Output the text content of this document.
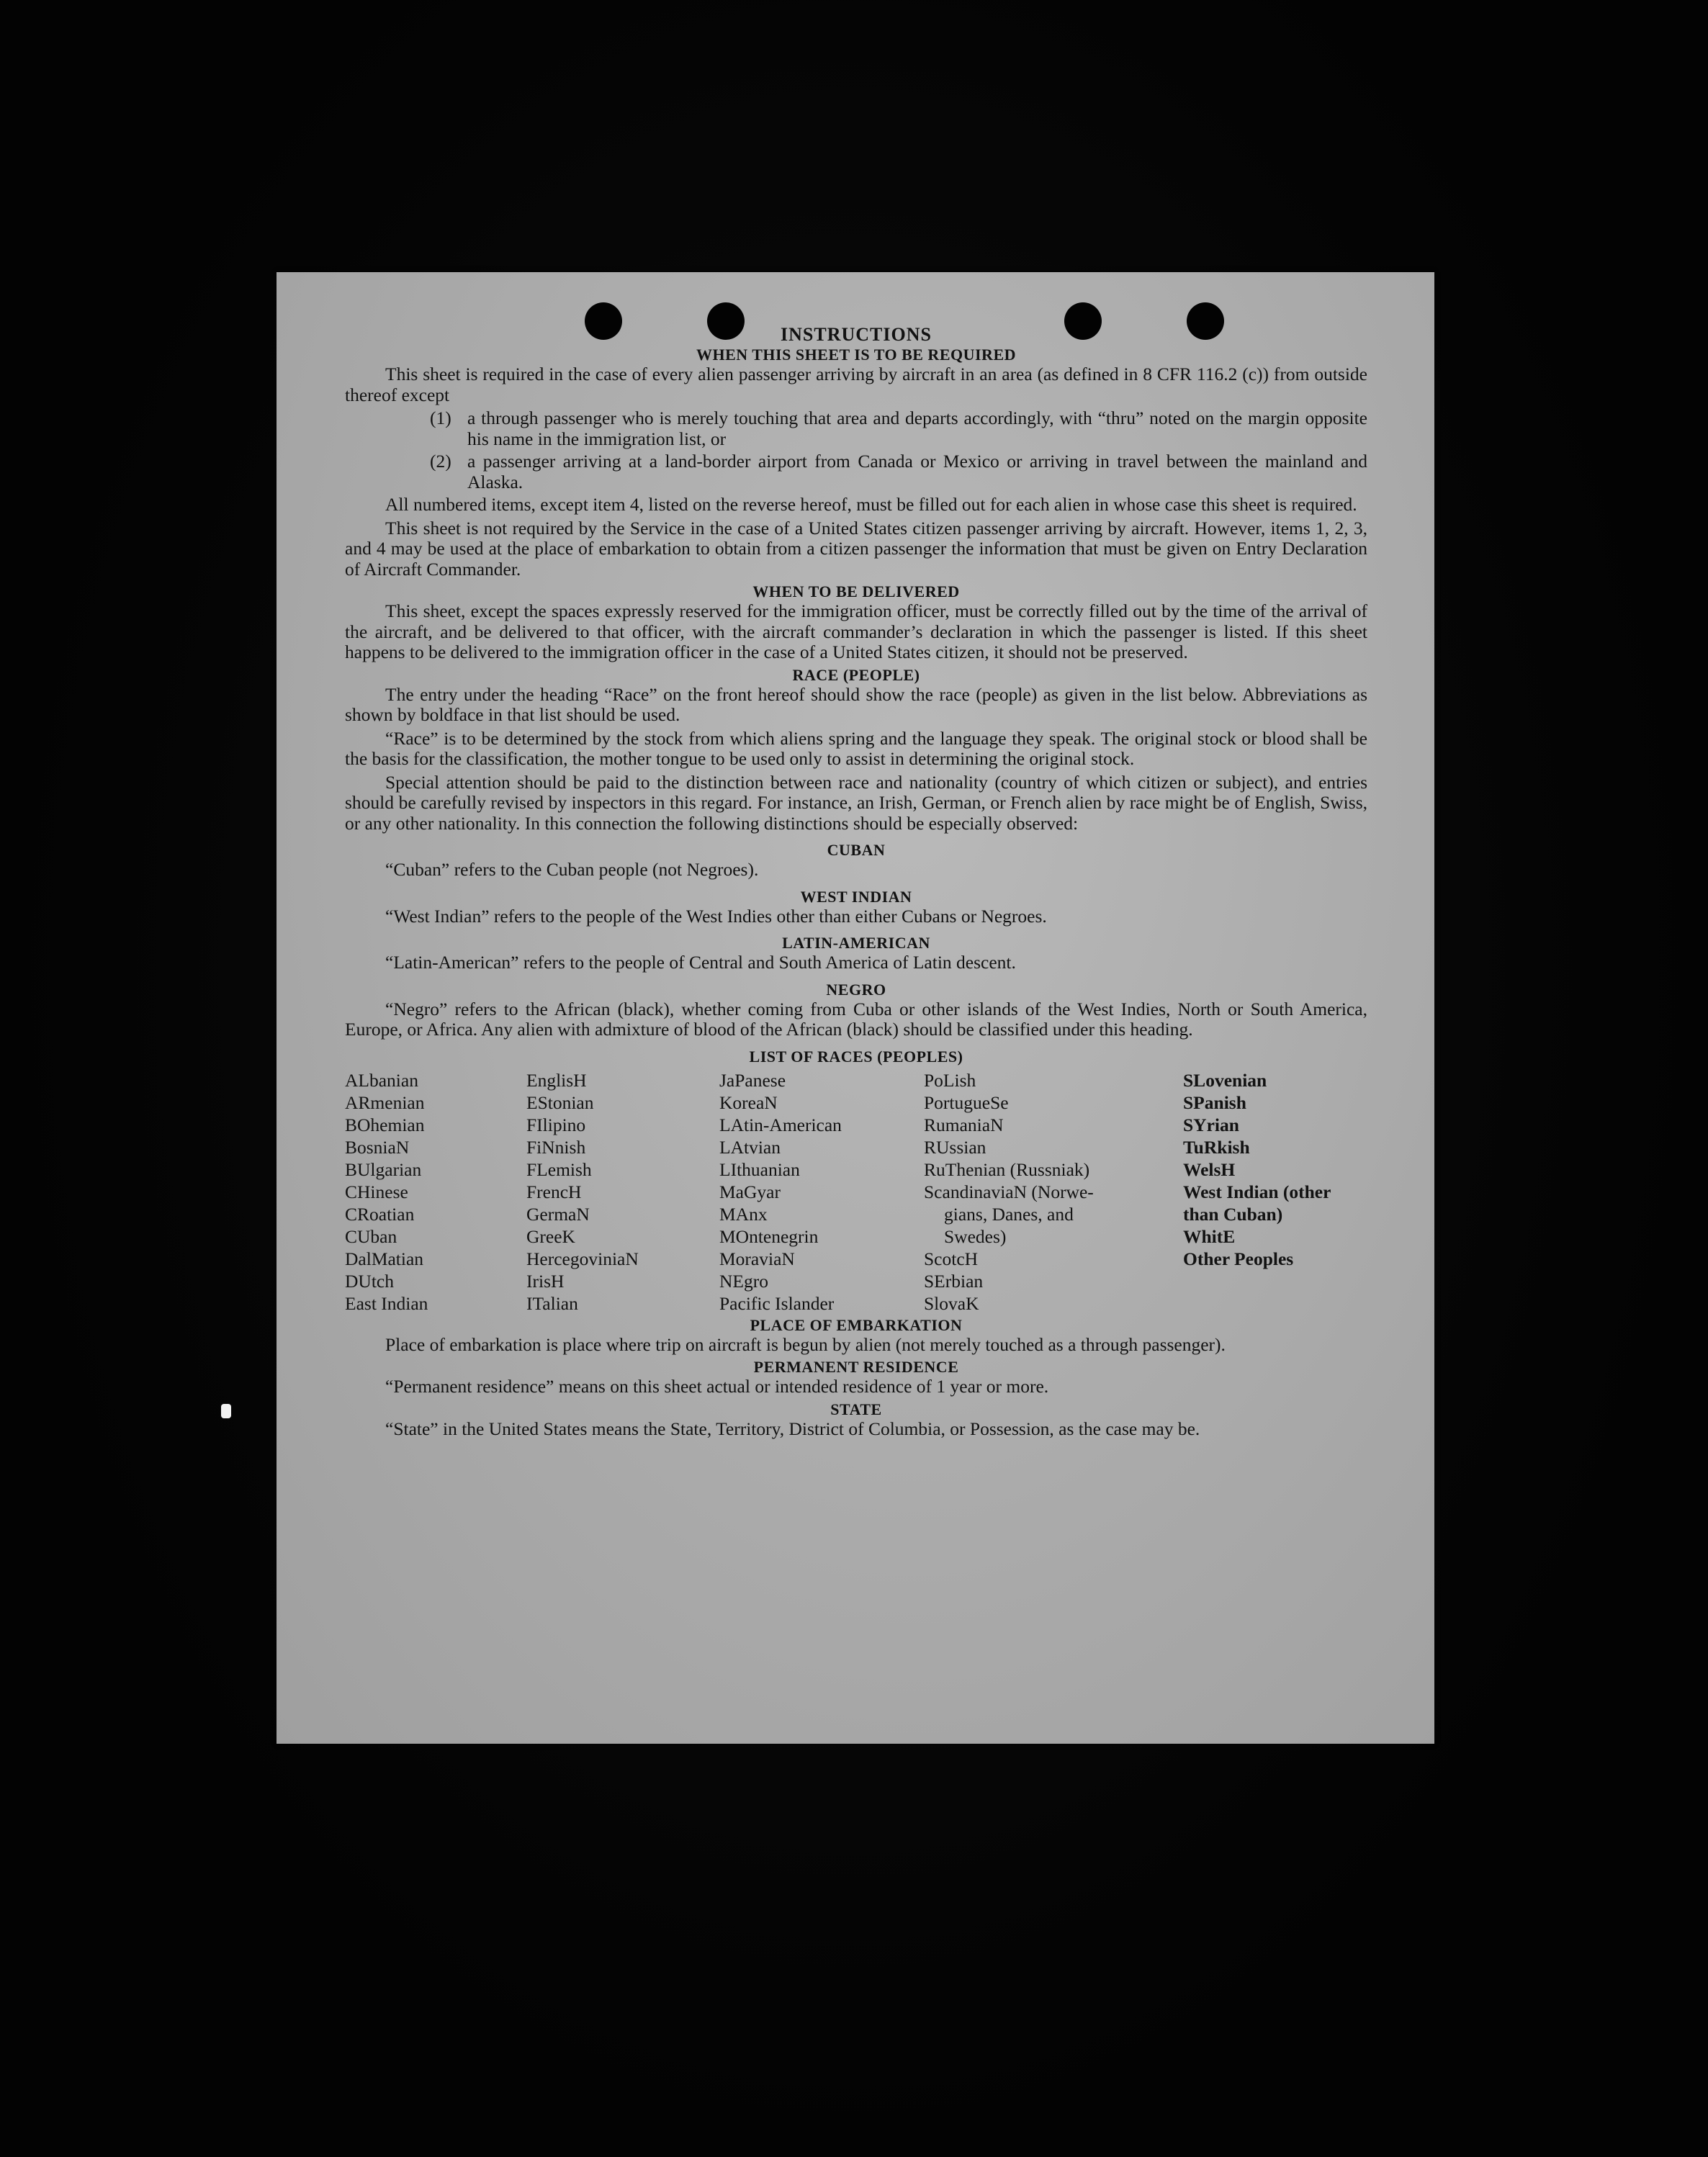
INSTRUCTIONS
WHEN THIS SHEET IS TO BE REQUIRED

This sheet is required in the case of every alien passenger arriving by aircraft in an area (as defined in 8 CFR 116.2 (c)) from outside thereof except

(1) a through passenger who is merely touching that area and departs accordingly, with “thru” noted on the margin opposite his name in the immigration list, or
(2) a passenger arriving at a land-border airport from Canada or Mexico or arriving in travel between the mainland and Alaska.

All numbered items, except item 4, listed on the reverse hereof, must be filled out for each alien in whose case this sheet is required.

This sheet is not required by the Service in the case of a United States citizen passenger arriving by aircraft. However, items 1, 2, 3, and 4 may be used at the place of embarkation to obtain from a citizen passenger the information that must be given on Entry Declaration of Aircraft Commander.

WHEN TO BE DELIVERED

This sheet, except the spaces expressly reserved for the immigration officer, must be correctly filled out by the time of the arrival of the aircraft, and be delivered to that officer, with the aircraft commander’s declaration in which the passenger is listed. If this sheet happens to be delivered to the immigration officer in the case of a United States citizen, it should not be preserved.

RACE (PEOPLE)

The entry under the heading “Race” on the front hereof should show the race (people) as given in the list below. Abbreviations as shown by boldface in that list should be used.

“Race” is to be determined by the stock from which aliens spring and the language they speak. The original stock or blood shall be the basis for the classification, the mother tongue to be used only to assist in determining the original stock.

Special attention should be paid to the distinction between race and nationality (country of which citizen or subject), and entries should be carefully revised by inspectors in this regard. For instance, an Irish, German, or French alien by race might be of English, Swiss, or any other nationality. In this connection the following distinctions should be especially observed:

CUBAN

“Cuban” refers to the Cuban people (not Negroes).

WEST INDIAN

“West Indian” refers to the people of the West Indies other than either Cubans or Negroes.

LATIN-AMERICAN

“Latin-American” refers to the people of Central and South America of Latin descent.

NEGRO

“Negro” refers to the African (black), whether coming from Cuba or other islands of the West Indies, North or South America, Europe, or Africa. Any alien with admixture of blood of the African (black) should be classified under this heading.

LIST OF RACES (PEOPLES)
ALbanian
ARmenian
BOhemian
BosniaN
BUlgarian
CHinese
CRoatian
CUban
DalMatian
DUtch
East Indian
EnglisH
EStonian
FIlipino
FiNnish
FLemish
FrencH
GermaN
GreeK
HercegoviniaN
IrisH
ITalian
JaPanese
KoreaN
LAtin-American
LAtvian
LIthuanian
MaGyar
MAnx
MOntenegrin
MoraviaN
NEgro
Pacific Islander
PoLish
PortugueSe
RumaniaN
RUssian
RuThenian (Russniak)
ScandinaviaN (Norwe-
gians, Danes, and
Swedes)
ScotcH
SErbian
SlovaK
SLovenian
SPanish
SYrian
TuRkish
WelsH
West Indian (other than Cuban)
WhitE
Other Peoples
PLACE OF EMBARKATION

Place of embarkation is place where trip on aircraft is begun by alien (not merely touched as a through passenger).

PERMANENT RESIDENCE

“Permanent residence” means on this sheet actual or intended residence of 1 year or more.

STATE

“State” in the United States means the State, Territory, District of Columbia, or Possession, as the case may be.
